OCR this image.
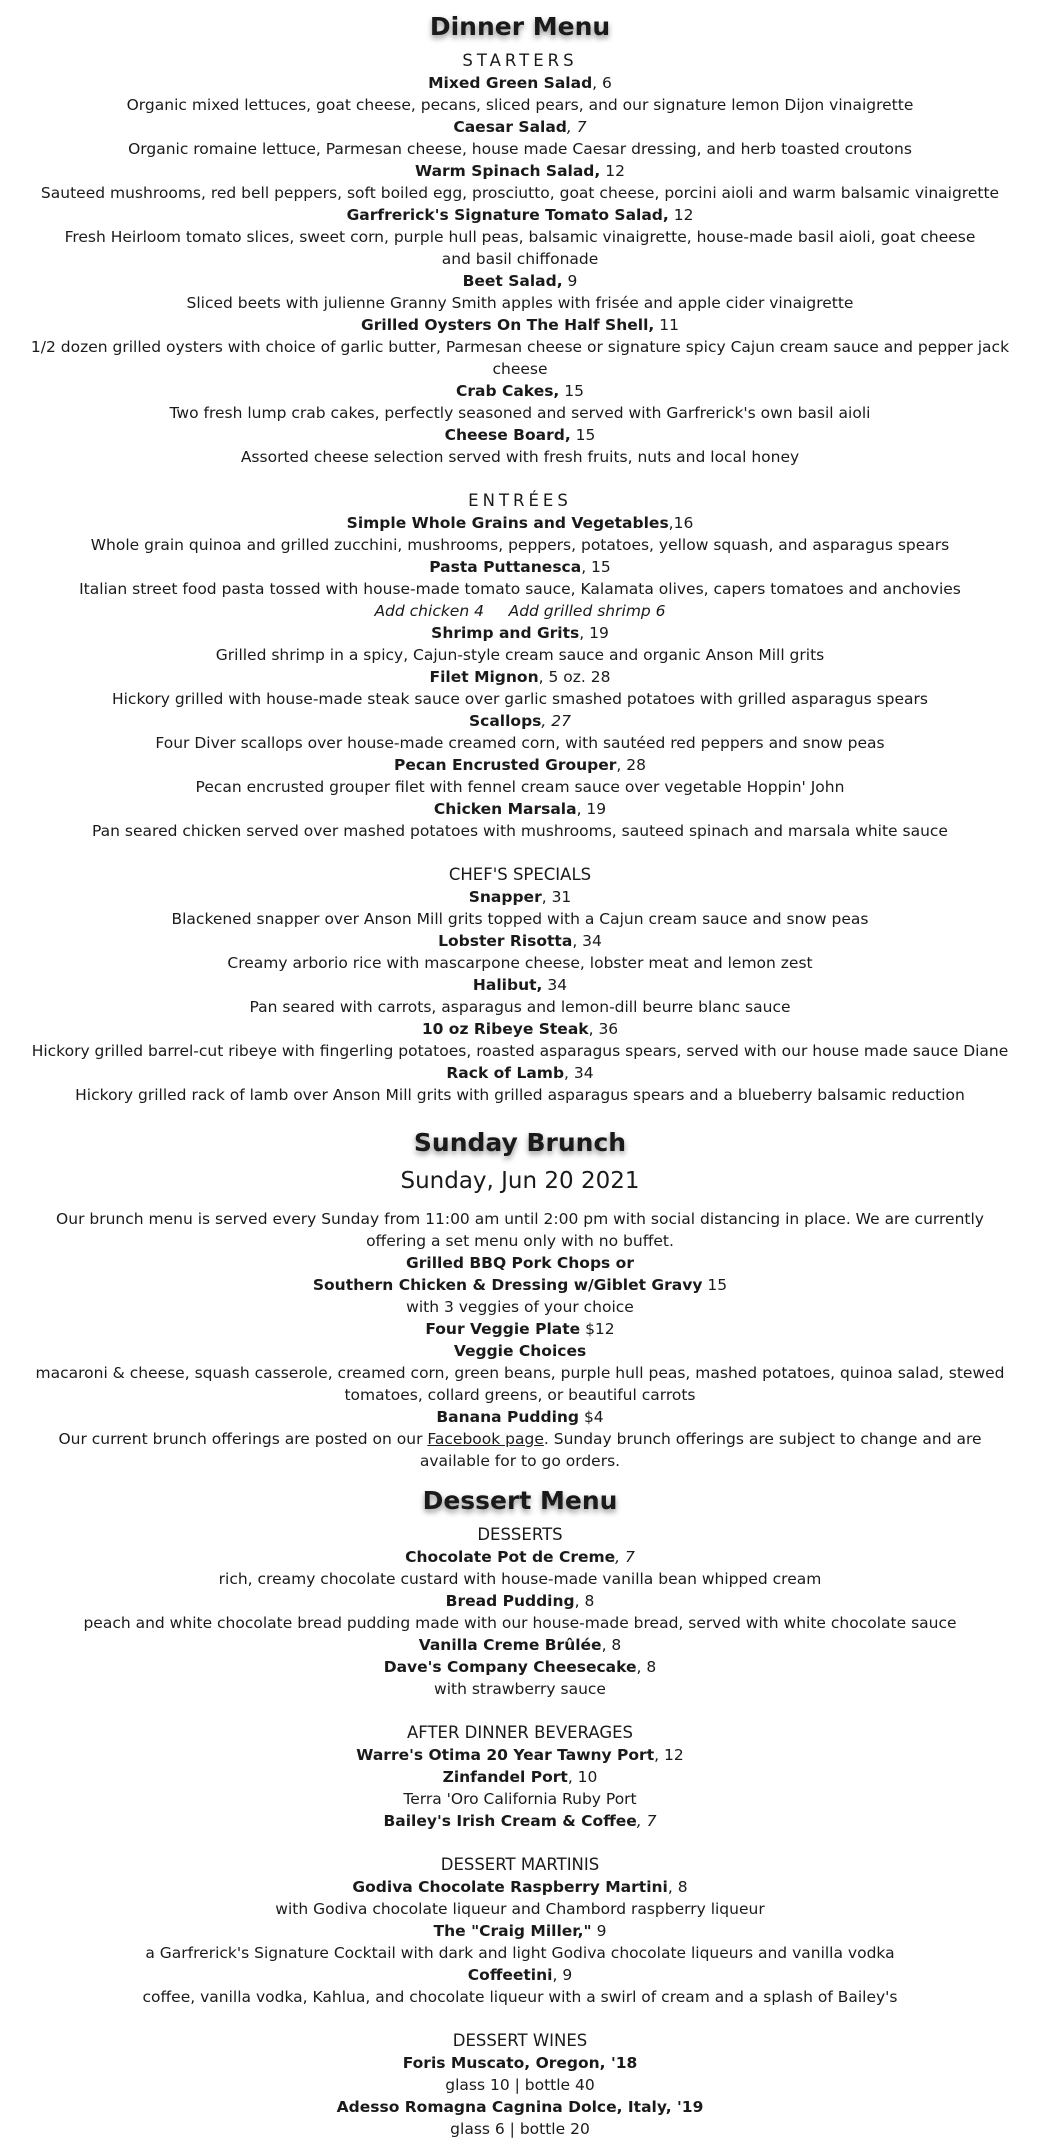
Dinner Menu
STARTERS
Mixed Green Salad, 6
Organic mixed lettuces, goat cheese, pecans, sliced pears, and our signature lemon Dijon vinaigrette
Caesar Salad, 7
Organic romaine lettuce, Parmesan cheese, house made Caesar dressing, and herb toasted croutons
Warm Spinach Salad, 12
Sauteed mushrooms, red bell peppers, soft boiled egg, prosciutto, goat cheese, porcini aioli and warm balsamic vinaigrette
Garfrerick's Signature Tomato Salad, 12
Fresh Heirloom tomato slices, sweet corn, purple hull peas, balsamic vinaigrette, house-made basil aioli, goat cheese and basil chiffonade
Beet Salad, 9
Sliced beets with julienne Granny Smith apples with frisée and apple cider vinaigrette
Grilled Oysters On The Half Shell, 11
1/2 dozen grilled oysters with choice of garlic butter, Parmesan cheese or signature spicy Cajun cream sauce and pepper jack cheese
Crab Cakes, 15
Two fresh lump crab cakes, perfectly seasoned and served with Garfrerick's own basil aioli
Cheese Board, 15
Assorted cheese selection served with fresh fruits, nuts and local honey
ENTRÉES
Simple Whole Grains and Vegetables,16
Whole grain quinoa and grilled zucchini, mushrooms, peppers, potatoes, yellow squash, and asparagus spears
Pasta Puttanesca, 15
Italian street food pasta tossed with house-made tomato sauce, Kalamata olives, capers tomatoes and anchovies
Add chicken 4     Add grilled shrimp 6
Shrimp and Grits, 19
Grilled shrimp in a spicy, Cajun-style cream sauce and organic Anson Mill grits
Filet Mignon, 5 oz. 28
Hickory grilled with house-made steak sauce over garlic smashed potatoes with grilled asparagus spears
Scallops, 27
Four Diver scallops over house-made creamed corn, with sautéed red peppers and snow peas
Pecan Encrusted Grouper, 28
Pecan encrusted grouper filet with fennel cream sauce over vegetable Hoppin' John
Chicken Marsala, 19
Pan seared chicken served over mashed potatoes with mushrooms, sauteed spinach and marsala white sauce
CHEF'S SPECIALS
Snapper, 31
Blackened snapper over Anson Mill grits topped with a Cajun cream sauce and snow peas
Lobster Risotta, 34
Creamy arborio rice with mascarpone cheese, lobster meat and lemon zest
Halibut, 34
Pan seared with carrots, asparagus and lemon-dill beurre blanc sauce
10 oz Ribeye Steak, 36
Hickory grilled barrel-cut ribeye with fingerling potatoes, roasted asparagus spears, served with our house made sauce Diane
Rack of Lamb, 34
Hickory grilled rack of lamb over Anson Mill grits with grilled asparagus spears and a blueberry balsamic reduction
Sunday Brunch
Sunday, Jun 20 2021
Our brunch menu is served every Sunday from 11:00 am until 2:00 pm with social distancing in place. We are currently offering a set menu only with no buffet.
Grilled BBQ Pork Chops or
Southern Chicken & Dressing w/Giblet Gravy 15
with 3 veggies of your choice
Four Veggie Plate $12
Veggie Choices
macaroni & cheese, squash casserole, creamed corn, green beans, purple hull peas, mashed potatoes, quinoa salad, stewed tomatoes, collard greens, or beautiful carrots
Banana Pudding $4
Our current brunch offerings are posted on our Facebook page. Sunday brunch offerings are subject to change and are available for to go orders.
Dessert Menu
DESSERTS
Chocolate Pot de Creme, 7
rich, creamy chocolate custard with house-made vanilla bean whipped cream
Bread Pudding, 8
peach and white chocolate bread pudding made with our house-made bread, served with white chocolate sauce
Vanilla Creme Brûlée, 8
Dave's Company Cheesecake, 8
with strawberry sauce
AFTER DINNER BEVERAGES
Warre's Otima 20 Year Tawny Port, 12
Zinfandel Port, 10
Terra 'Oro California Ruby Port
Bailey's Irish Cream & Coffee, 7
DESSERT MARTINIS
Godiva Chocolate Raspberry Martini, 8
with Godiva chocolate liqueur and Chambord raspberry liqueur
The "Craig Miller," 9
a Garfrerick's Signature Cocktail with dark and light Godiva chocolate liqueurs and vanilla vodka
Coffeetini, 9
coffee, vanilla vodka, Kahlua, and chocolate liqueur with a swirl of cream and a splash of Bailey's
DESSERT WINES
Foris Muscato, Oregon, '18
glass 10 | bottle 40
Adesso Romagna Cagnina Dolce, Italy, '19
glass 6 | bottle 20
